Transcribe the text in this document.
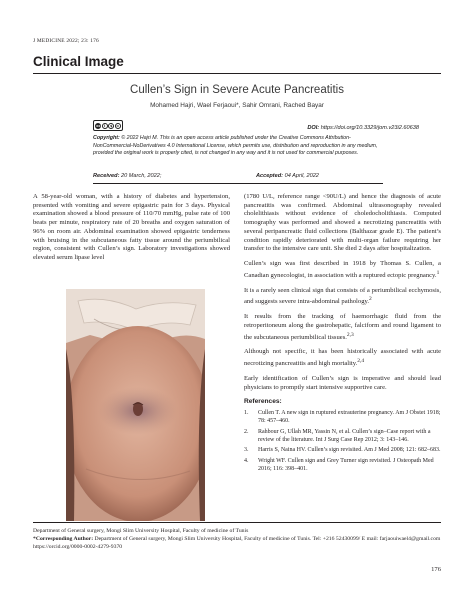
J MEDICINE 2022; 23: 176
Clinical Image
Cullen’s Sign in Severe Acute Pancreatitis
Mohamed Hajri, Wael Ferjaoui*, Sahir Omrani, Rached Bayar
cc	i	$	=	DOI: https://doi.org/10.3329/jom.v23i2.60638
Copyright: © 2022 Hajri M. This is an open access article published under the Creative Commons Attribution-NonCommercial-NoDerivatives 4.0 International License, which permits use, distribution and reproduction in any medium, provided the original work is properly cited, is not changed in any way and it is not used for commercial purposes.
Received: 20 March, 2022;	Accepted: 04 April, 2022

A 58-year-old woman, with a history of diabetes and hypertension, presented with vomiting and severe epigastric pain for 3 days. Physical examination showed a blood pressure of 110/70 mmHg, pulse rate of 100 beats per minute, respiratory rate of 20 breaths and oxygen saturation of 96% on room air. Abdominal examination showed epigastric tenderness with bruising in the subcutaneous fatty tissue around the periumbilical region, consistent with Cullen’s sign. Laboratory investigations showed elevated serum lipase level

(1780 U/L, reference range <90U/L) and hence the diagnosis of acute pancreatitis was confirmed. Abdominal ultrasonography revealed cholelithiasis without evidence of choledocholithiasis. Computed tomography was performed and showed a necrotizing pancreatitis with several peripancreatic fluid collections (Balthazar grade E). The patient’s condition rapidly deteriorated with multi-organ failure requiring her transfer to the intensive care unit. She died 2 days after hospitalization.

Cullen’s sign was first described in 1918 by Thomas S. Cullen, a Canadian gynecologist, in association with a ruptured ectopic pregnancy.$^1$

It is a rarely seen clinical sign that consists of a periumbilical ecchymosis, and suggests severe intra-abdominal pathology.$^2$

It results from the tracking of haemorrhagic fluid from the retroperitoneum along the gastrohepatic, falciform and round ligament to the subcutaneous periumbilical tissues.$^{2,3}$

Although not specific, it has been historically associated with acute necrotizing pancreatitis and high mortality.$^{2,4}$

Early identification of Cullen’s sign is imperative and should lead physicians to promptly start intensive supportive care.

References:
1.	Cullen T. A new sign in ruptured extrauterine pregnancy. Am J Obstet 1918; 78: 457–460.
2.	Rahbour G, Ullah MR, Yassin N, et al. Cullen’s sign–Case report with a review of the literature. Int J Surg Case Rep 2012; 3: 143–146.
3.	Harris S, Naina HV. Cullen’s sign revisited. Am J Med 2008; 121: 682–683.
4.	Wright WF. Cullen sign and Grey Turner sign revisited. J Osteopath Med 2016; 116: 398–401.
Department of General surgery, Mongi Slim University Hospital, Faculty of medicine of Tunis
*Corresponding Author: Department of General surgery, Mongi Slim University Hospital, Faculty of medicine of Tunis. Tel: +216 52430099/ E mail: farjaouiwael4@gmail.com
https://orcid.org/0000-0002-4279-9370
176
